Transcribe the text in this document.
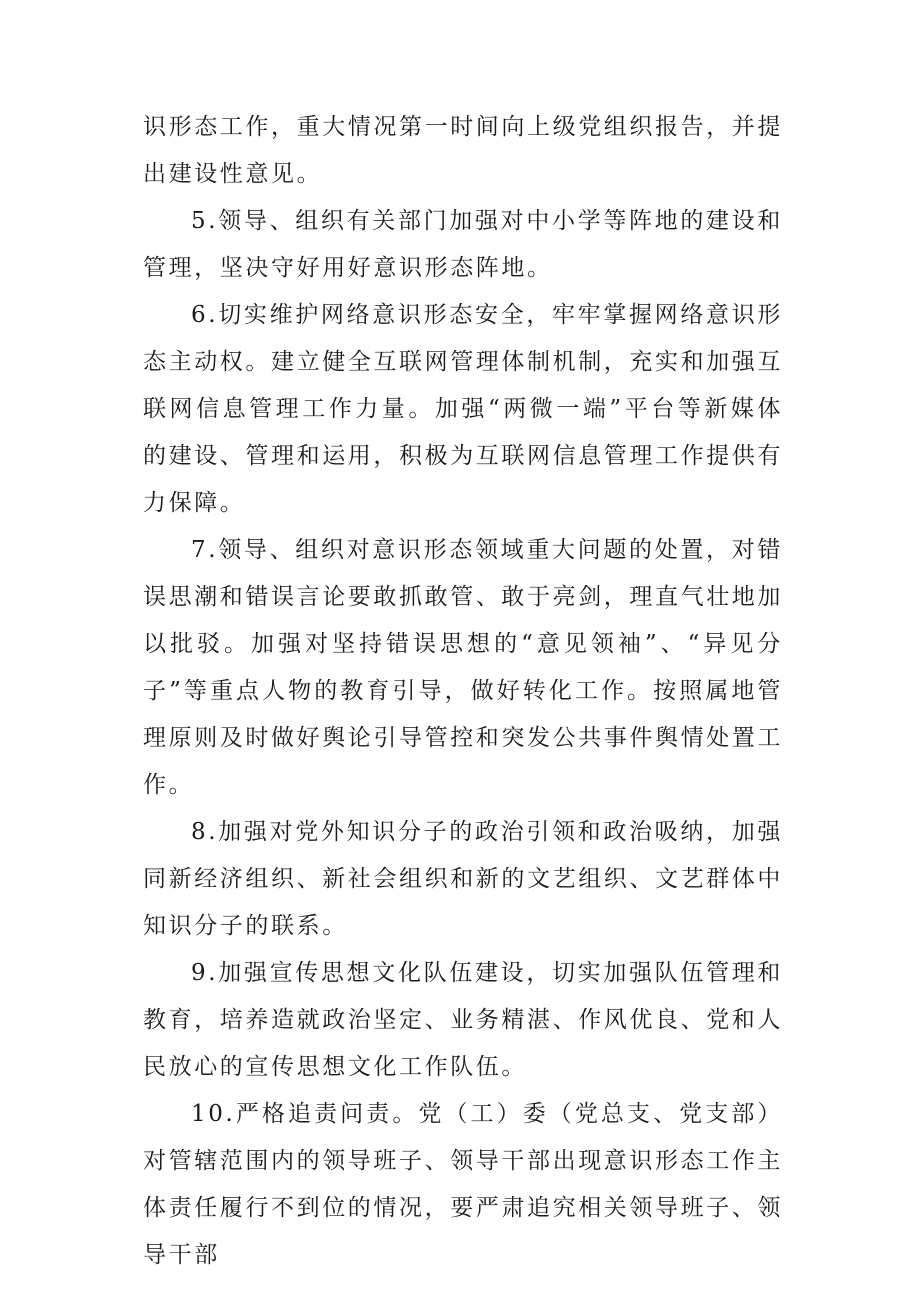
识形态工作，重大情况第一时间向上级党组织报告，并提出建设性意见。

5.领导、组织有关部门加强对中小学等阵地的建设和管理，坚决守好用好意识形态阵地。

6.切实维护网络意识形态安全，牢牢掌握网络意识形态主动权。建立健全互联网管理体制机制，充实和加强互联网信息管理工作力量。加强“两微一端”平台等新媒体的建设、管理和运用，积极为互联网信息管理工作提供有力保障。

7.领导、组织对意识形态领域重大问题的处置，对错误思潮和错误言论要敢抓敢管、敢于亮剑，理直气壮地加以批驳。加强对坚持错误思想的“意见领袖”、“异见分子”等重点人物的教育引导，做好转化工作。按照属地管理原则及时做好舆论引导管控和突发公共事件舆情处置工作。

8.加强对党外知识分子的政治引领和政治吸纳，加强同新经济组织、新社会组织和新的文艺组织、文艺群体中知识分子的联系。

9.加强宣传思想文化队伍建设，切实加强队伍管理和教育，培养造就政治坚定、业务精湛、作风优良、党和人民放心的宣传思想文化工作队伍。

10.严格追责问责。党（工）委（党总支、党支部）对管辖范围内的领导班子、领导干部出现意识形态工作主体责任履行不到位的情况，要严肃追究相关领导班子、领导干部
